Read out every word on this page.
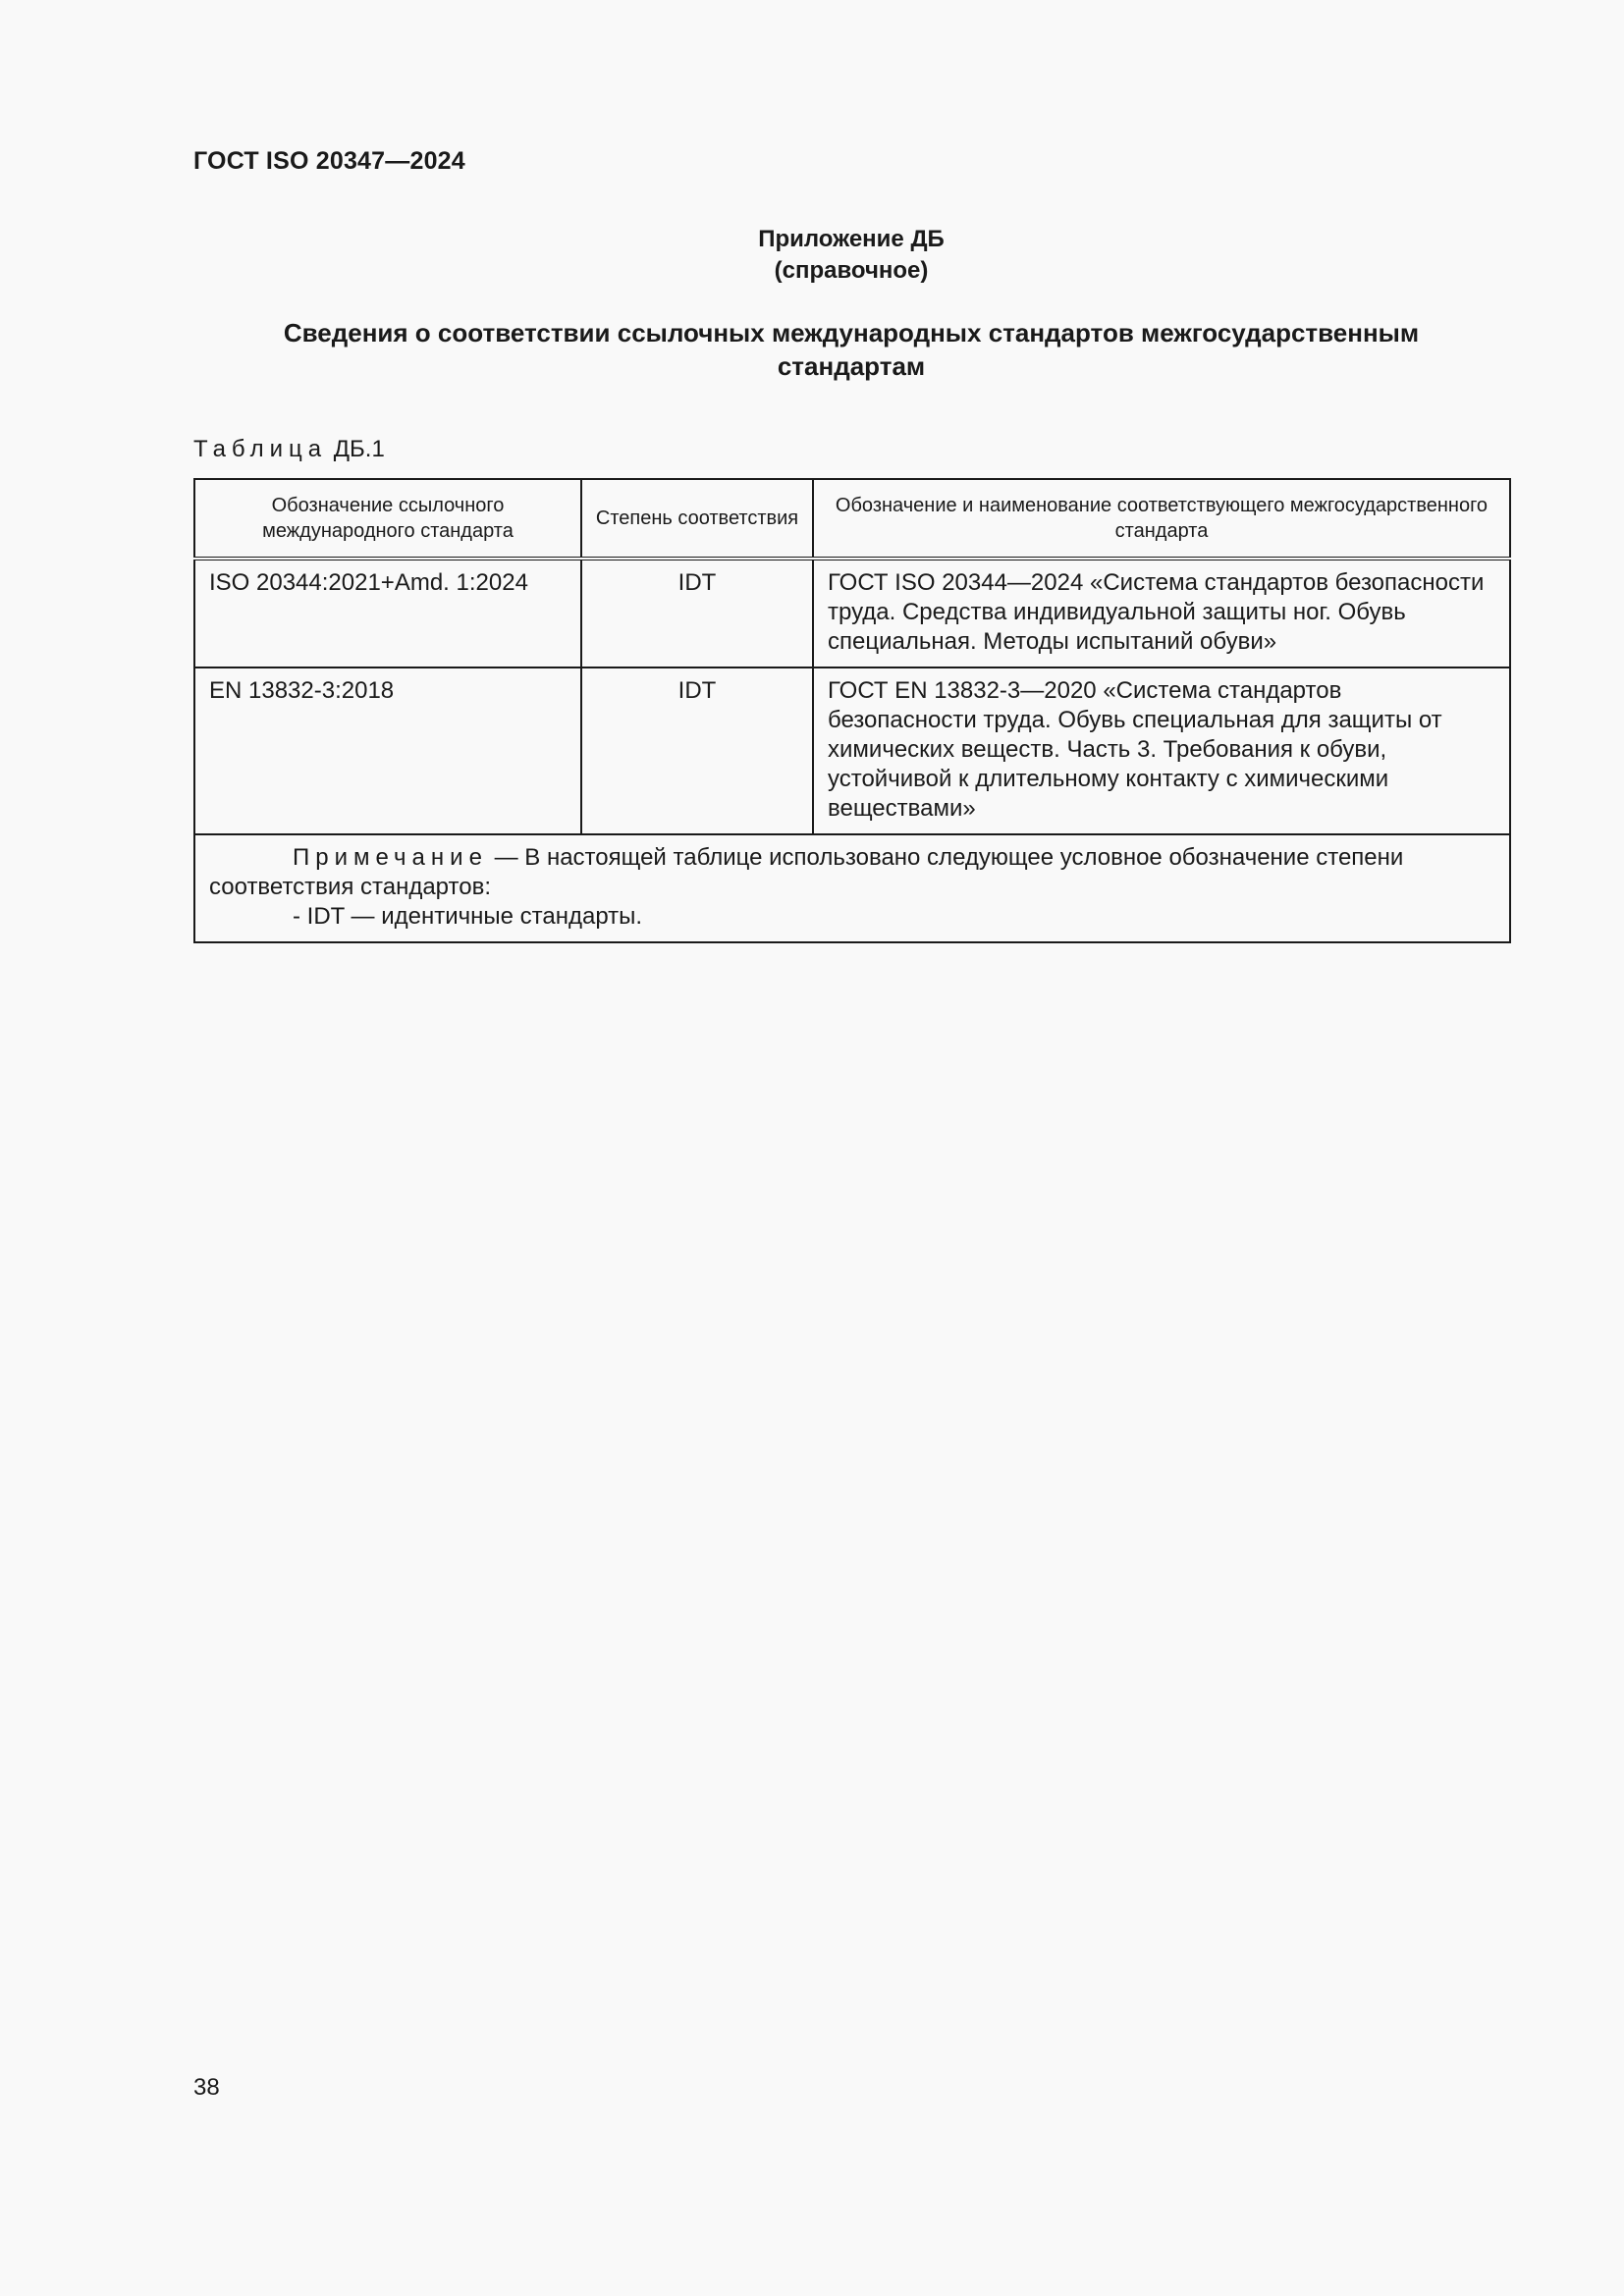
ГОСТ ISO 20347—2024
Приложение ДБ
(справочное)
Сведения о соответствии ссылочных международных стандартов межгосударственным
стандартам
Таблица ДБ.1
Обозначение ссылочного международного стандарта	Степень соответствия	Обозначение и наименование соответствующего межгосударственного стандарта
ISO 20344:2021+Amd. 1:2024	IDT	ГОСТ ISO 20344—2024 «Система стандартов безопасности труда. Средства индивидуальной защиты ног. Обувь специальная. Методы испытаний обуви»
EN 13832-3:2018	IDT	ГОСТ EN 13832-3—2020 «Система стандартов безопасности труда. Обувь специальная для защиты от химических веществ. Часть 3. Требования к обуви, устойчивой к длительному контакту с химическими веществами»

Примечание — В настоящей таблице использовано следующее условное обозначение степени соответствия стандартов:
- IDT — идентичные стандарты.		
38
